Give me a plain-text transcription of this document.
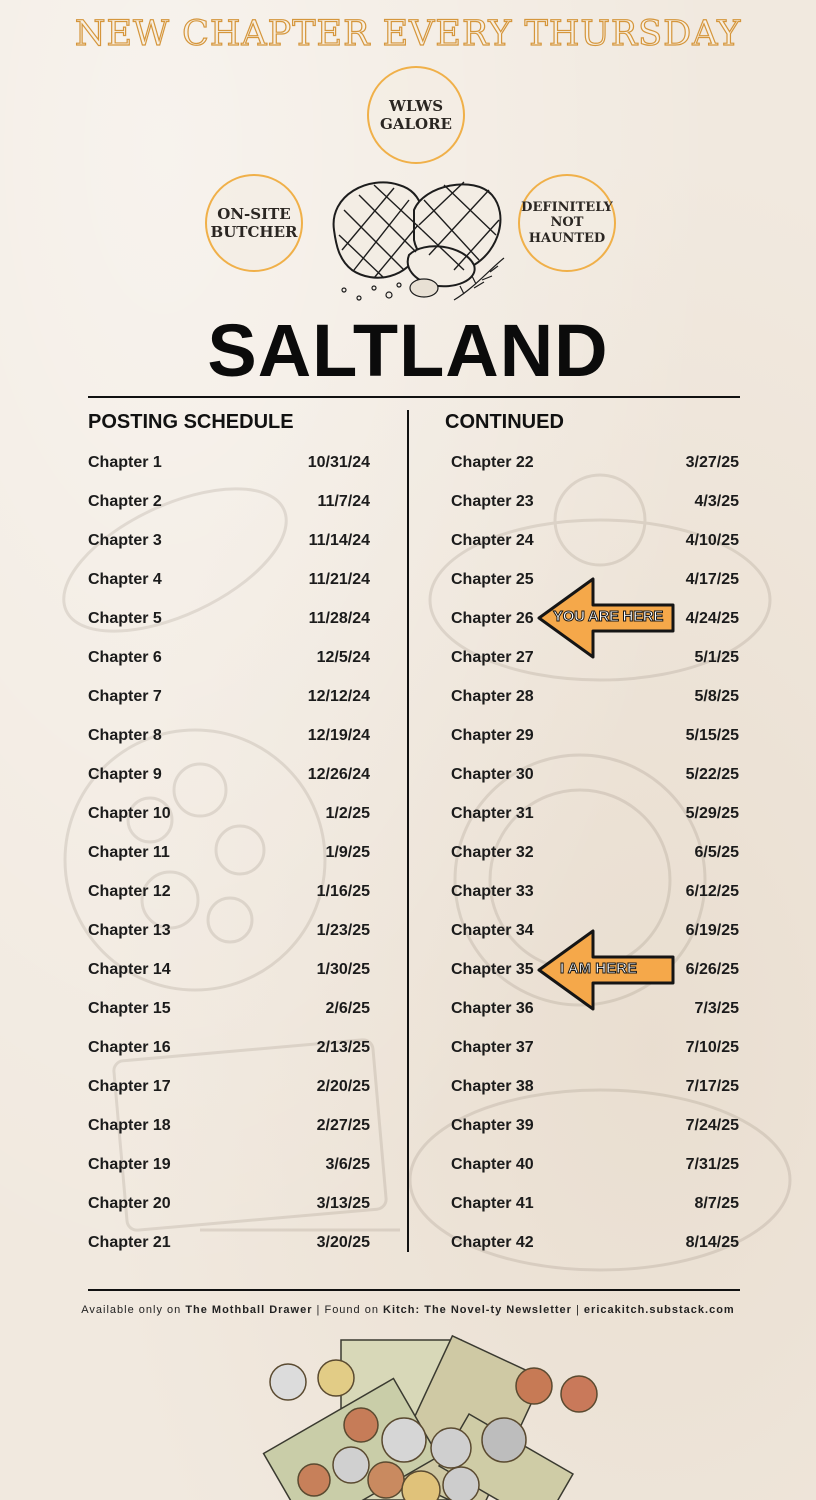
NEW CHAPTER EVERY THURSDAY
WLWS
GALORE
ON-SITE
BUTCHER
DEFINITELY
NOT
HAUNTED
SALTLAND
POSTING SCHEDULE	CONTINUED
Chapter 1	10/31/24
Chapter 2	11/7/24
Chapter 3	11/14/24
Chapter 4	11/21/24
Chapter 5	11/28/24
Chapter 6	12/5/24
Chapter 7	12/12/24
Chapter 8	12/19/24
Chapter 9	12/26/24
Chapter 10	1/2/25
Chapter 11	1/9/25
Chapter 12	1/16/25
Chapter 13	1/23/25
Chapter 14	1/30/25
Chapter 15	2/6/25
Chapter 16	2/13/25
Chapter 17	2/20/25
Chapter 18	2/27/25
Chapter 19	3/6/25
Chapter 20	3/13/25
Chapter 21	3/20/25
Chapter 22	3/27/25
Chapter 23	4/3/25
Chapter 24	4/10/25
Chapter 25	4/17/25
Chapter 26	4/24/25
Chapter 27	5/1/25
Chapter 28	5/8/25
Chapter 29	5/15/25
Chapter 30	5/22/25
Chapter 31	5/29/25
Chapter 32	6/5/25
Chapter 33	6/12/25
Chapter 34	6/19/25
Chapter 35	6/26/25
Chapter 36	7/3/25
Chapter 37	7/10/25
Chapter 38	7/17/25
Chapter 39	7/24/25
Chapter 40	7/31/25
Chapter 41	8/7/25
Chapter 42	8/14/25
YOU ARE HERE
I AM HERE
Available only on The Mothball Drawer | Found on Kitch: The Novel-ty Newsletter | ericakitch.substack.com
